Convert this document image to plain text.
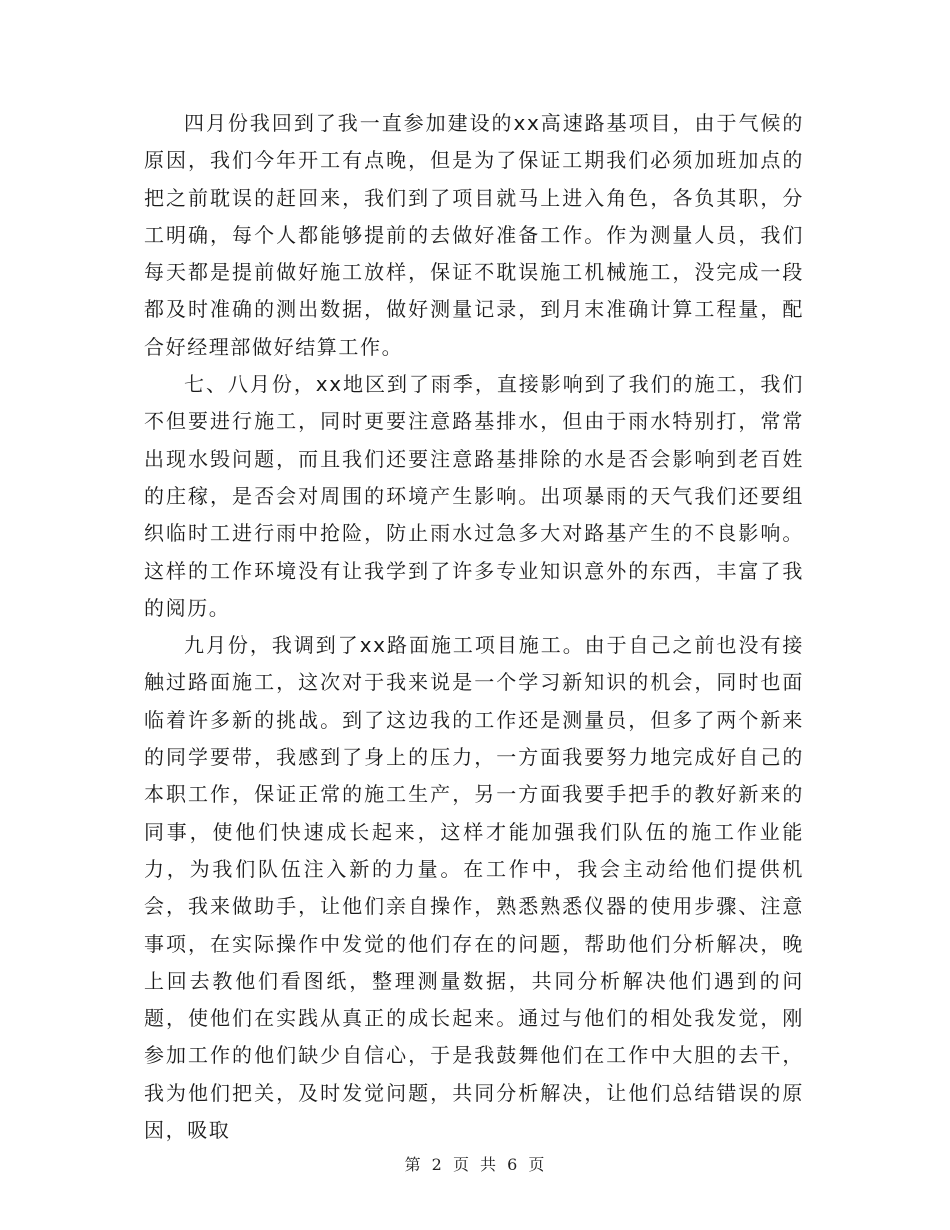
四月份我回到了我一直参加建设的xx高速路基项目，由于气候的原因，我们今年开工有点晚，但是为了保证工期我们必须加班加点的把之前耽误的赶回来，我们到了项目就马上进入角色，各负其职，分工明确，每个人都能够提前的去做好准备工作。作为测量人员，我们每天都是提前做好施工放样，保证不耽误施工机械施工，没完成一段都及时准确的测出数据，做好测量记录，到月末准确计算工程量，配合好经理部做好结算工作。

七、八月份，xx地区到了雨季，直接影响到了我们的施工，我们不但要进行施工，同时更要注意路基排水，但由于雨水特别打，常常出现水毁问题，而且我们还要注意路基排除的水是否会影响到老百姓的庄稼，是否会对周围的环境产生影响。出项暴雨的天气我们还要组织临时工进行雨中抢险，防止雨水过急多大对路基产生的不良影响。这样的工作环境没有让我学到了许多专业知识意外的东西，丰富了我的阅历。

九月份，我调到了xx路面施工项目施工。由于自己之前也没有接触过路面施工，这次对于我来说是一个学习新知识的机会，同时也面临着许多新的挑战。到了这边我的工作还是测量员，但多了两个新来的同学要带，我感到了身上的压力，一方面我要努力地完成好自己的本职工作，保证正常的施工生产，另一方面我要手把手的教好新来的同事，使他们快速成长起来，这样才能加强我们队伍的施工作业能力，为我们队伍注入新的力量。在工作中，我会主动给他们提供机会，我来做助手，让他们亲自操作，熟悉熟悉仪器的使用步骤、注意事项，在实际操作中发觉的他们存在的问题，帮助他们分析解决，晚上回去教他们看图纸，整理测量数据，共同分析解决他们遇到的问题，使他们在实践从真正的成长起来。通过与他们的相处我发觉，刚参加工作的他们缺少自信心，于是我鼓舞他们在工作中大胆的去干，我为他们把关，及时发觉问题，共同分析解决，让他们总结错误的原因，吸取

第 2 页 共 6 页
